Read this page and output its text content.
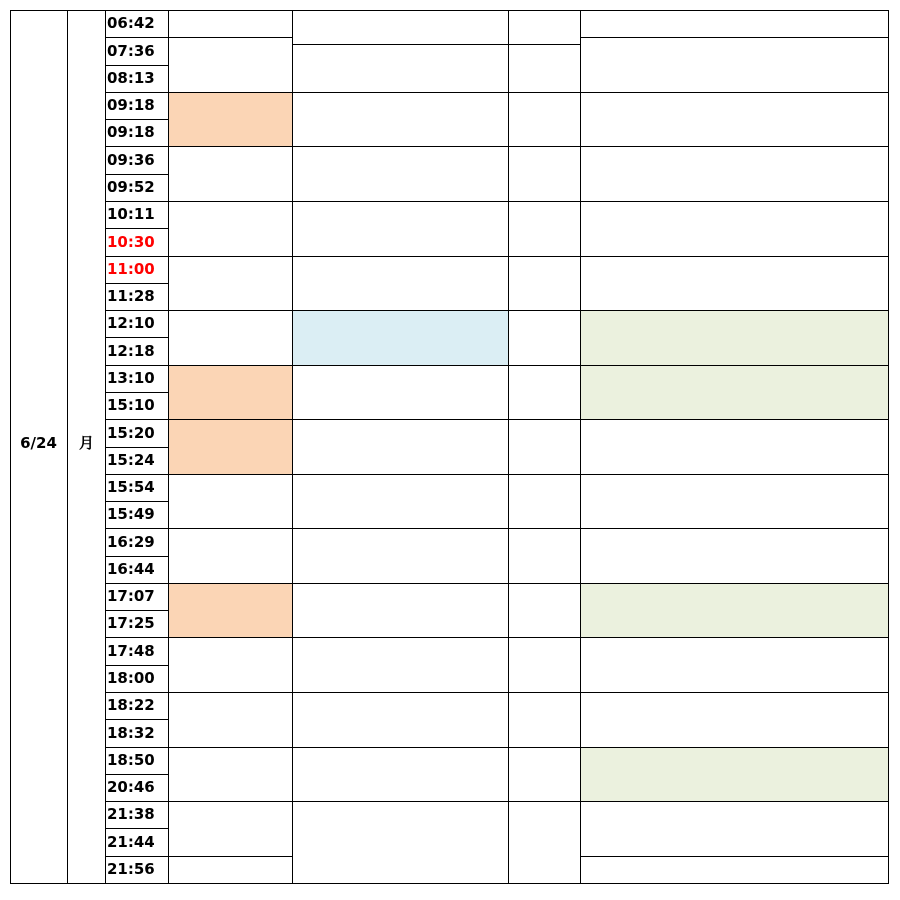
6/24	月
06:42
07:36
08:13
09:18
09:18
09:36
09:52
10:11
10:30
11:00
11:28
12:10
12:18
13:10
15:10
15:20
15:24
15:54
15:49
16:29
16:44
17:07
17:25
17:48
18:00
18:22
18:32
18:50
20:46
21:38
21:44
21:56
